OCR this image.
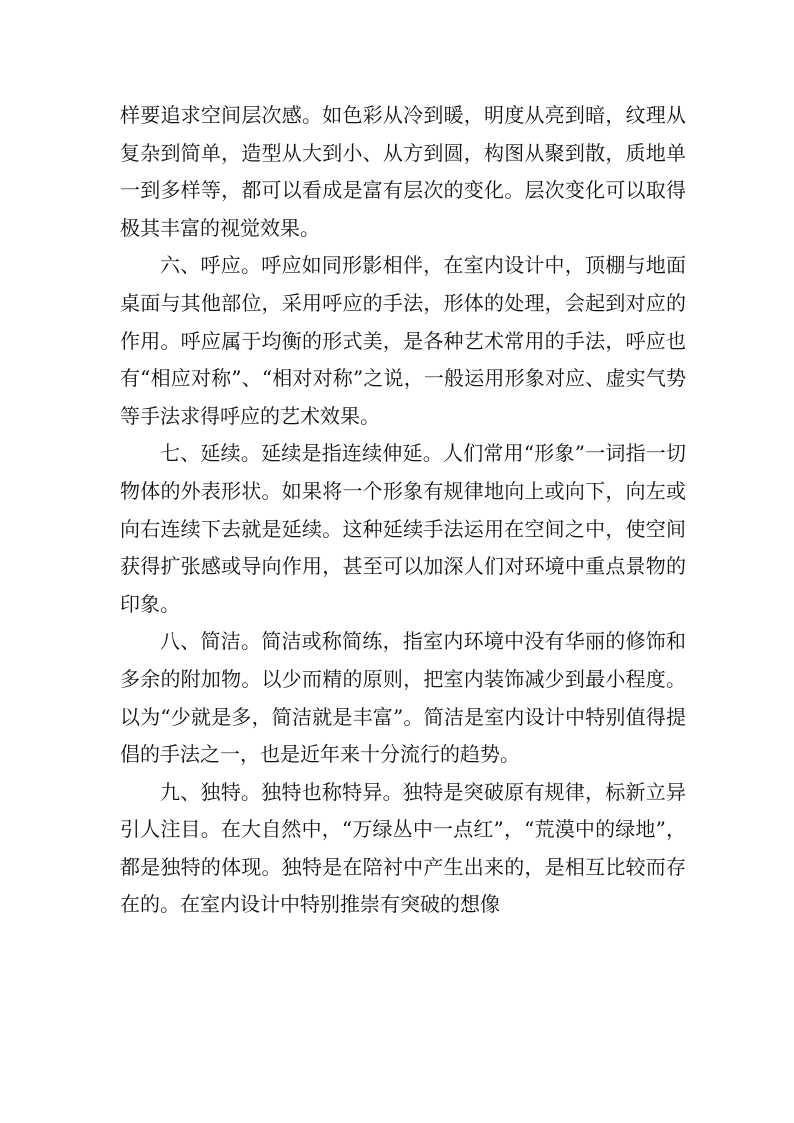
样要追求空间层次感。如色彩从冷到暖，明度从亮到暗，纹理从复杂到简单，造型从大到小、从方到圆，构图从聚到散，质地单一到多样等，都可以看成是富有层次的变化。层次变化可以取得极其丰富的视觉效果。

六、呼应。呼应如同形影相伴，在室内设计中，顶棚与地面桌面与其他部位，采用呼应的手法，形体的处理，会起到对应的作用。呼应属于均衡的形式美，是各种艺术常用的手法，呼应也有“相应对称”、“相对对称”之说，一般运用形象对应、虚实气势等手法求得呼应的艺术效果。

七、延续。延续是指连续伸延。人们常用“形象”一词指一切物体的外表形状。如果将一个形象有规律地向上或向下，向左或向右连续下去就是延续。这种延续手法运用在空间之中，使空间获得扩张感或导向作用，甚至可以加深人们对环境中重点景物的印象。

八、简洁。简洁或称简练，指室内环境中没有华丽的修饰和多余的附加物。以少而精的原则，把室内装饰减少到最小程度。以为“少就是多，简洁就是丰富”。简洁是室内设计中特别值得提倡的手法之一，也是近年来十分流行的趋势。

九、独特。独特也称特异。独特是突破原有规律，标新立异引人注目。在大自然中，“万绿丛中一点红”，“荒漠中的绿地”，都是独特的体现。独特是在陪衬中产生出来的，是相互比较而存在的。在室内设计中特别推崇有突破的想像
